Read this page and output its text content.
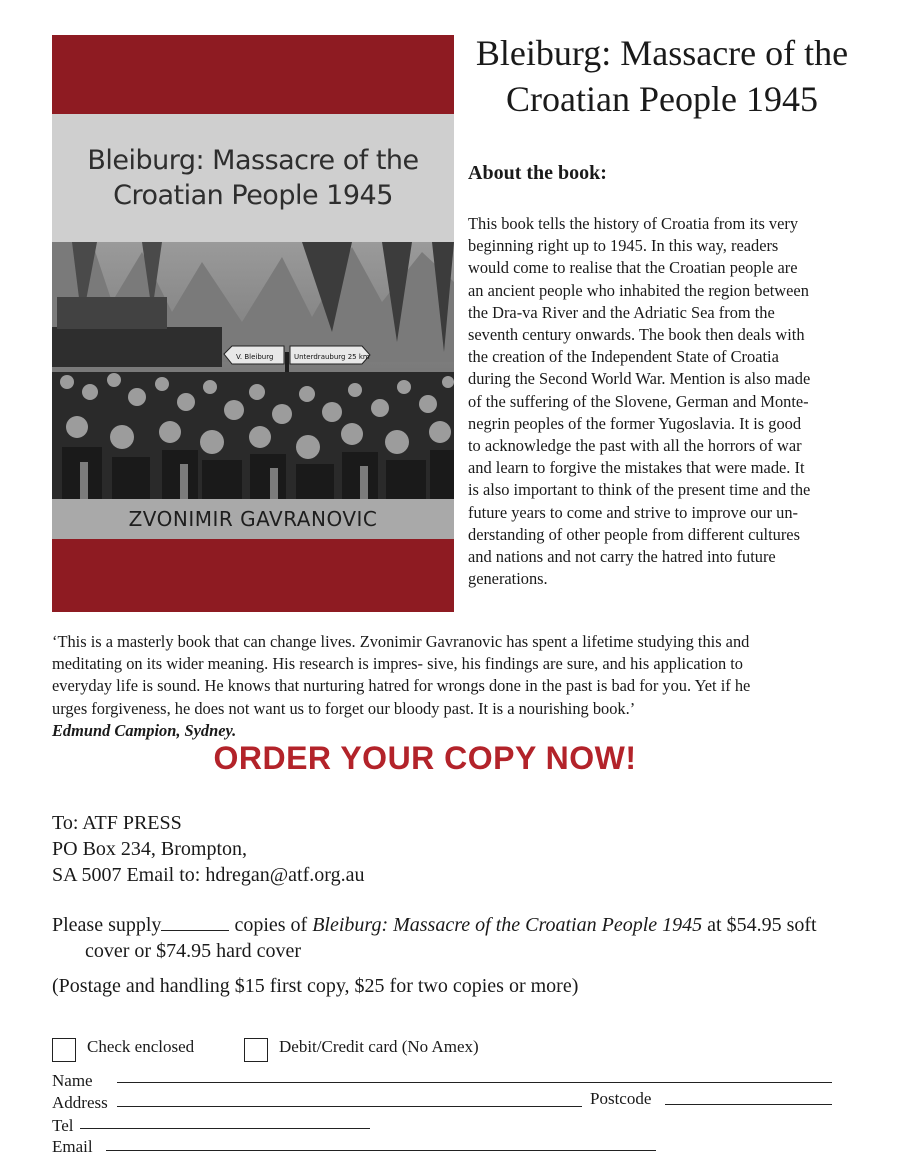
Bleiburg: Massacre of the
Croatian People 1945
V. Bleiburg	Unterdrauburg 25 km
ZVONIMIR GAVRANOVIC
Bleiburg: Massacre of the
Croatian People 1945
About the book:
This book tells the history of Croatia from its very
beginning right up to 1945. In this way, readers
would come to realise that the Croatian people are
an ancient people who inhabited the region between
the Dra-va River and the Adriatic Sea from the
seventh century onwards. The book then deals with
the creation of the Independent State of Croatia
during the Second World War. Mention is also made
of the suffering of the Slovene, German and Monte-
negrin peoples of the former Yugoslavia. It is good
to acknowledge the past with all the horrors of war
and learn to forgive the mistakes that were made. It
is also important to think of the present time and the
future years to come and strive to improve our un-
derstanding of other people from different cultures
and nations and not carry the hatred into future
generations.
‘This is a masterly book that can change lives. Zvonimir Gavranovic has spent a lifetime studying this and
meditating on its wider meaning. His research is impres- sive, his findings are sure, and his application to
everyday life is sound. He knows that nurturing hatred for wrongs done in the past is bad for you. Yet if he
urges forgiveness, he does not want us to forget our bloody past. It is a nourishing book.’
Edmund Campion, Sydney.
ORDER YOUR COPY NOW!
To: ATF PRESS
PO Box 234, Brompton,
SA 5007 Email to: hdregan@atf.org.au
Please supply	copies of Bleiburg: Massacre of the Croatian People 1945 at $54.95 soft
cover or $74.95 hard cover
(Postage and handling $15 first copy, $25 for two copies or more)
Check enclosed	Debit/Credit card (No Amex)
Name
Address	Postcode
Tel
Email
